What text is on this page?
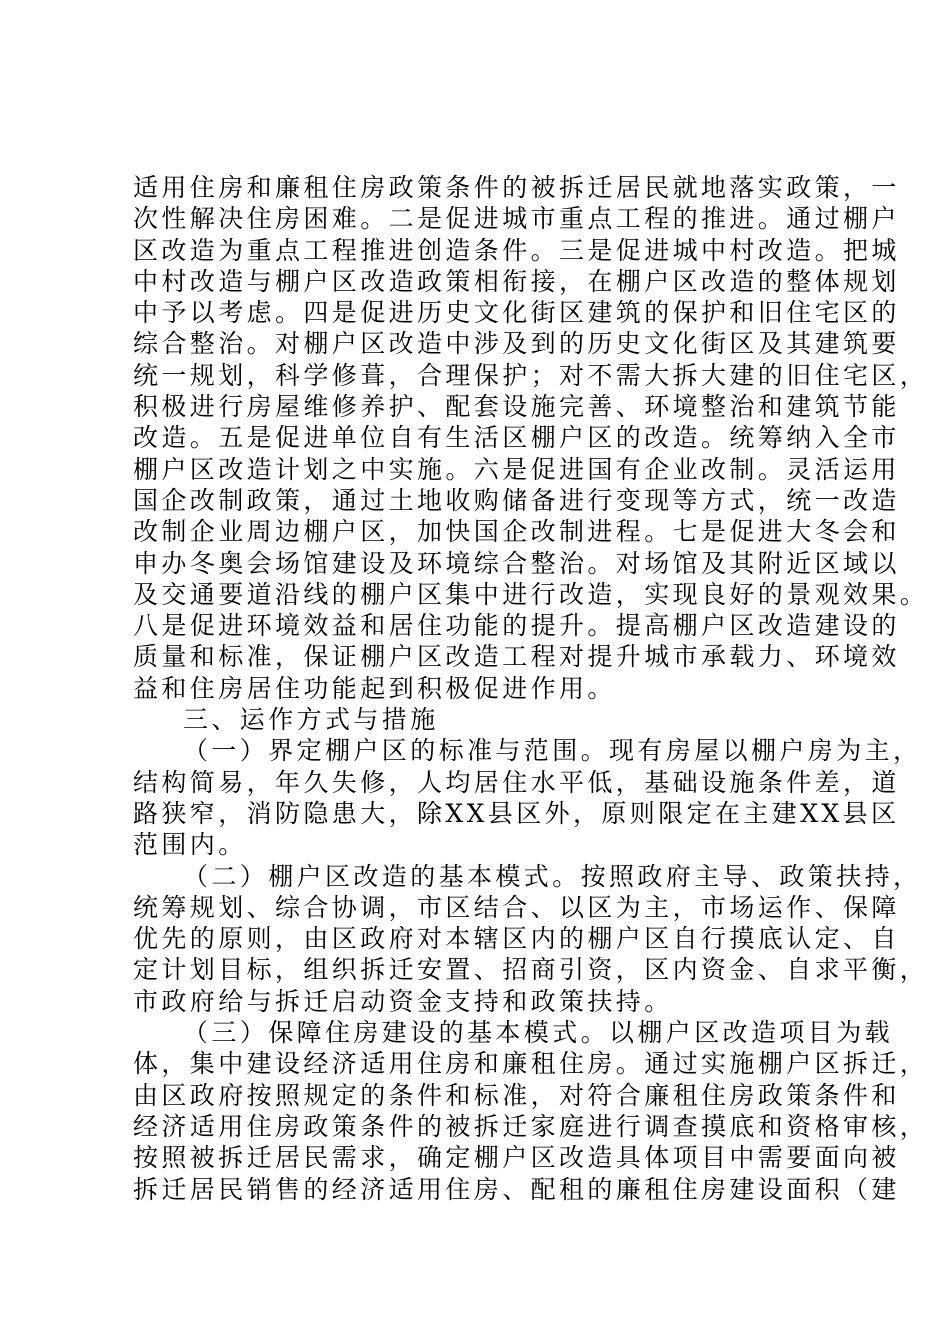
适用住房和廉租住房政策条件的被拆迁居民就地落实政策，一
次性解决住房困难。二是促进城市重点工程的推进。通过棚户
区改造为重点工程推进创造条件。三是促进城中村改造。把城
中村改造与棚户区改造政策相衔接，在棚户区改造的整体规划
中予以考虑。四是促进历史文化街区建筑的保护和旧住宅区的
综合整治。对棚户区改造中涉及到的历史文化街区及其建筑要
统一规划，科学修葺，合理保护；对不需大拆大建的旧住宅区，
积极进行房屋维修养护、配套设施完善、环境整治和建筑节能
改造。五是促进单位自有生活区棚户区的改造。统筹纳入全市
棚户区改造计划之中实施。六是促进国有企业改制。灵活运用
国企改制政策，通过土地收购储备进行变现等方式，统一改造
改制企业周边棚户区，加快国企改制进程。七是促进大冬会和
申办冬奥会场馆建设及环境综合整治。对场馆及其附近区域以
及交通要道沿线的棚户区集中进行改造，实现良好的景观效果。
八是促进环境效益和居住功能的提升。提高棚户区改造建设的
质量和标准，保证棚户区改造工程对提升城市承载力、环境效
益和住房居住功能起到积极促进作用。
三、运作方式与措施
（一）界定棚户区的标准与范围。现有房屋以棚户房为主，
结构简易，年久失修，人均居住水平低，基础设施条件差，道
路狭窄，消防隐患大，除XX县区外，原则限定在主建XX县区
范围内。
（二）棚户区改造的基本模式。按照政府主导、政策扶持，
统筹规划、综合协调，市区结合、以区为主，市场运作、保障
优先的原则，由区政府对本辖区内的棚户区自行摸底认定、自
定计划目标，组织拆迁安置、招商引资，区内资金、自求平衡，
市政府给与拆迁启动资金支持和政策扶持。
（三）保障住房建设的基本模式。以棚户区改造项目为载
体，集中建设经济适用住房和廉租住房。通过实施棚户区拆迁，
由区政府按照规定的条件和标准，对符合廉租住房政策条件和
经济适用住房政策条件的被拆迁家庭进行调查摸底和资格审核，
按照被拆迁居民需求，确定棚户区改造具体项目中需要面向被
拆迁居民销售的经济适用住房、配租的廉租住房建设面积（建
